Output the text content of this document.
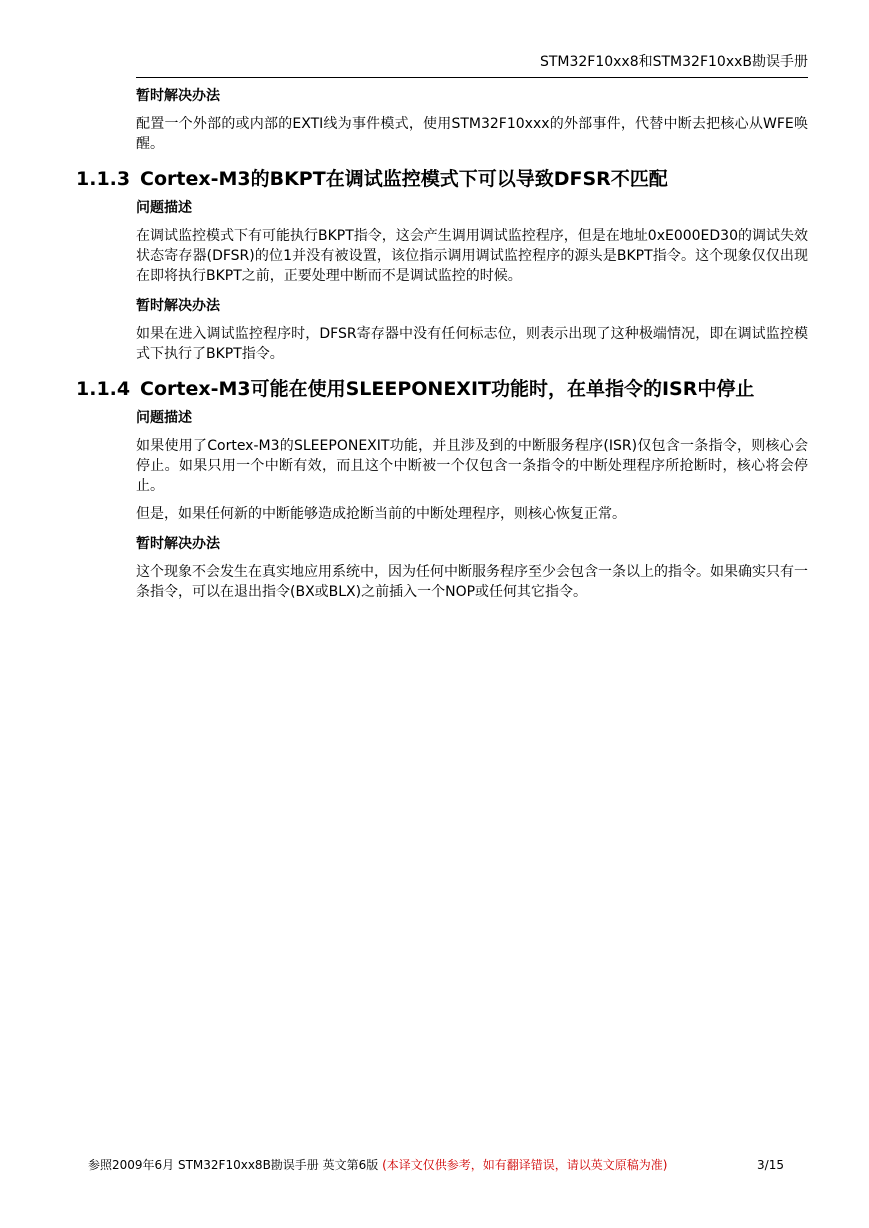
STM32F10xx8和STM32F10xxB勘误手册
暂时解决办法

配置一个外部的或内部的EXTI线为事件模式，使用STM32F10xxx的外部事件，代替中断去把核心从WFE唤醒。

1.1.3 Cortex-M3的BKPT在调试监控模式下可以导致DFSR不匹配
问题描述

在调试监控模式下有可能执行BKPT指令，这会产生调用调试监控程序，但是在地址0xE000ED30的调试失效状态寄存器(DFSR)的位1并没有被设置，该位指示调用调试监控程序的源头是BKPT指令。这个现象仅仅出现在即将执行BKPT之前，正要处理中断而不是调试监控的时候。

暂时解决办法

如果在进入调试监控程序时，DFSR寄存器中没有任何标志位，则表示出现了这种极端情况，即在调试监控模式下执行了BKPT指令。

1.1.4 Cortex-M3可能在使用SLEEPONEXIT功能时，在单指令的ISR中停止
问题描述

如果使用了Cortex-M3的SLEEPONEXIT功能，并且涉及到的中断服务程序(ISR)仅包含一条指令，则核心会停止。如果只用一个中断有效，而且这个中断被一个仅包含一条指令的中断处理程序所抢断时，核心将会停止。

但是，如果任何新的中断能够造成抢断当前的中断处理程序，则核心恢复正常。

暂时解决办法

这个现象不会发生在真实地应用系统中，因为任何中断服务程序至少会包含一条以上的指令。如果确实只有一条指令，可以在退出指令(BX或BLX)之前插入一个NOP或任何其它指令。

参照2009年6月 STM32F10xx8B勘误手册 英文第6版 (本译文仅供参考，如有翻译错误，请以英文原稿为准)	3/15
